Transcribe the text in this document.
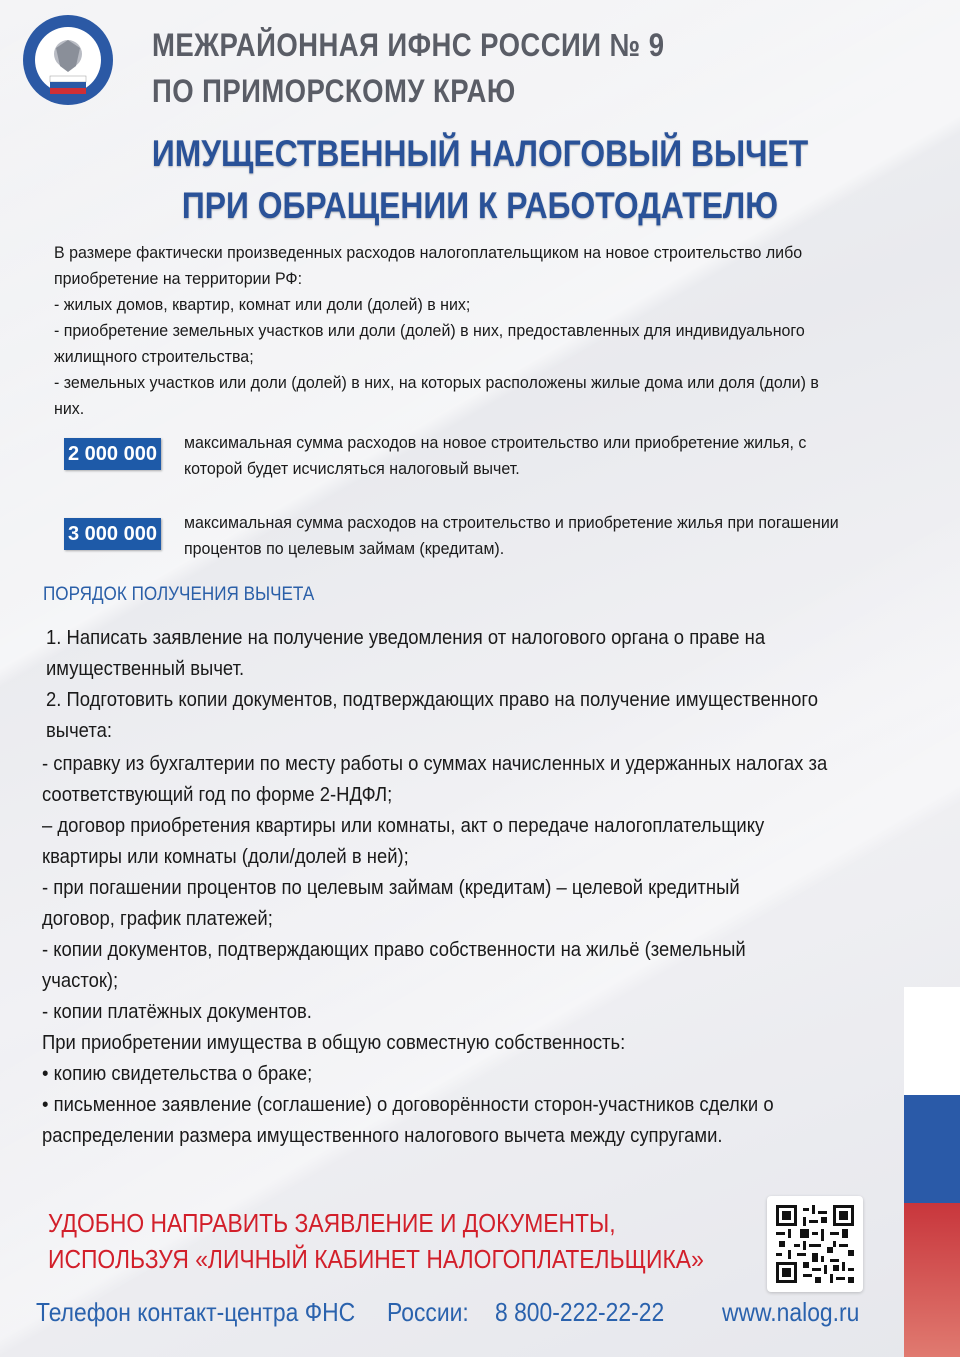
МЕЖРАЙОННАЯ ИФНС РОССИИ № 9
ПО ПРИМОРСКОМУ КРАЮ
ИМУЩЕСТВЕННЫЙ НАЛОГОВЫЙ ВЫЧЕТ
ПРИ ОБРАЩЕНИИ К РАБОТОДАТЕЛЮ
В размере фактически произведенных расходов налогоплательщиком на новое строительство либо
приобретение на территории РФ:
- жилых домов, квартир, комнат или доли (долей) в них;
- приобретение земельных участков или доли (долей) в них, предоставленных для индивидуального
жилищного строительства;
- земельных участков или доли (долей) в них, на которых расположены жилые дома или доля (доли) в
них.
2 000 000
максимальная сумма расходов на новое строительство или приобретение жилья, с
которой будет исчисляться налоговый вычет.
3 000 000
максимальная сумма расходов на строительство и приобретение жилья при погашении
процентов по целевым займам (кредитам).
ПОРЯДОК ПОЛУЧЕНИЯ ВЫЧЕТА
1. Написать заявление на получение уведомления от налогового органа о праве на
имущественный вычет.
2. Подготовить копии документов, подтверждающих право на получение имущественного
вычета:
- справку из бухгалтерии по месту работы о суммах начисленных и удержанных налогах за
соответствующий год по форме 2-НДФЛ;
– договор приобретения квартиры или комнаты, акт о передаче налогоплательщику
квартиры или комнаты (доли/долей в ней);
- при погашении процентов по целевым займам (кредитам) – целевой кредитный
договор, график платежей;
- копии документов, подтверждающих право собственности на жильё (земельный
участок);
- копии платёжных документов.
При приобретении имущества в общую совместную собственность:
• копию свидетельства о браке;
• письменное заявление (соглашение) о договорённости сторон-участников сделки о
распределении размера имущественного налогового вычета между супругами.
УДОБНО НАПРАВИТЬ ЗАЯВЛЕНИЕ И ДОКУМЕНТЫ,
ИСПОЛЬЗУЯ «ЛИЧНЫЙ КАБИНЕТ НАЛОГОПЛАТЕЛЬЩИКА»
Телефон контакт-центра ФНС	России:	8 800-222-22-22	www.nalog.ru
